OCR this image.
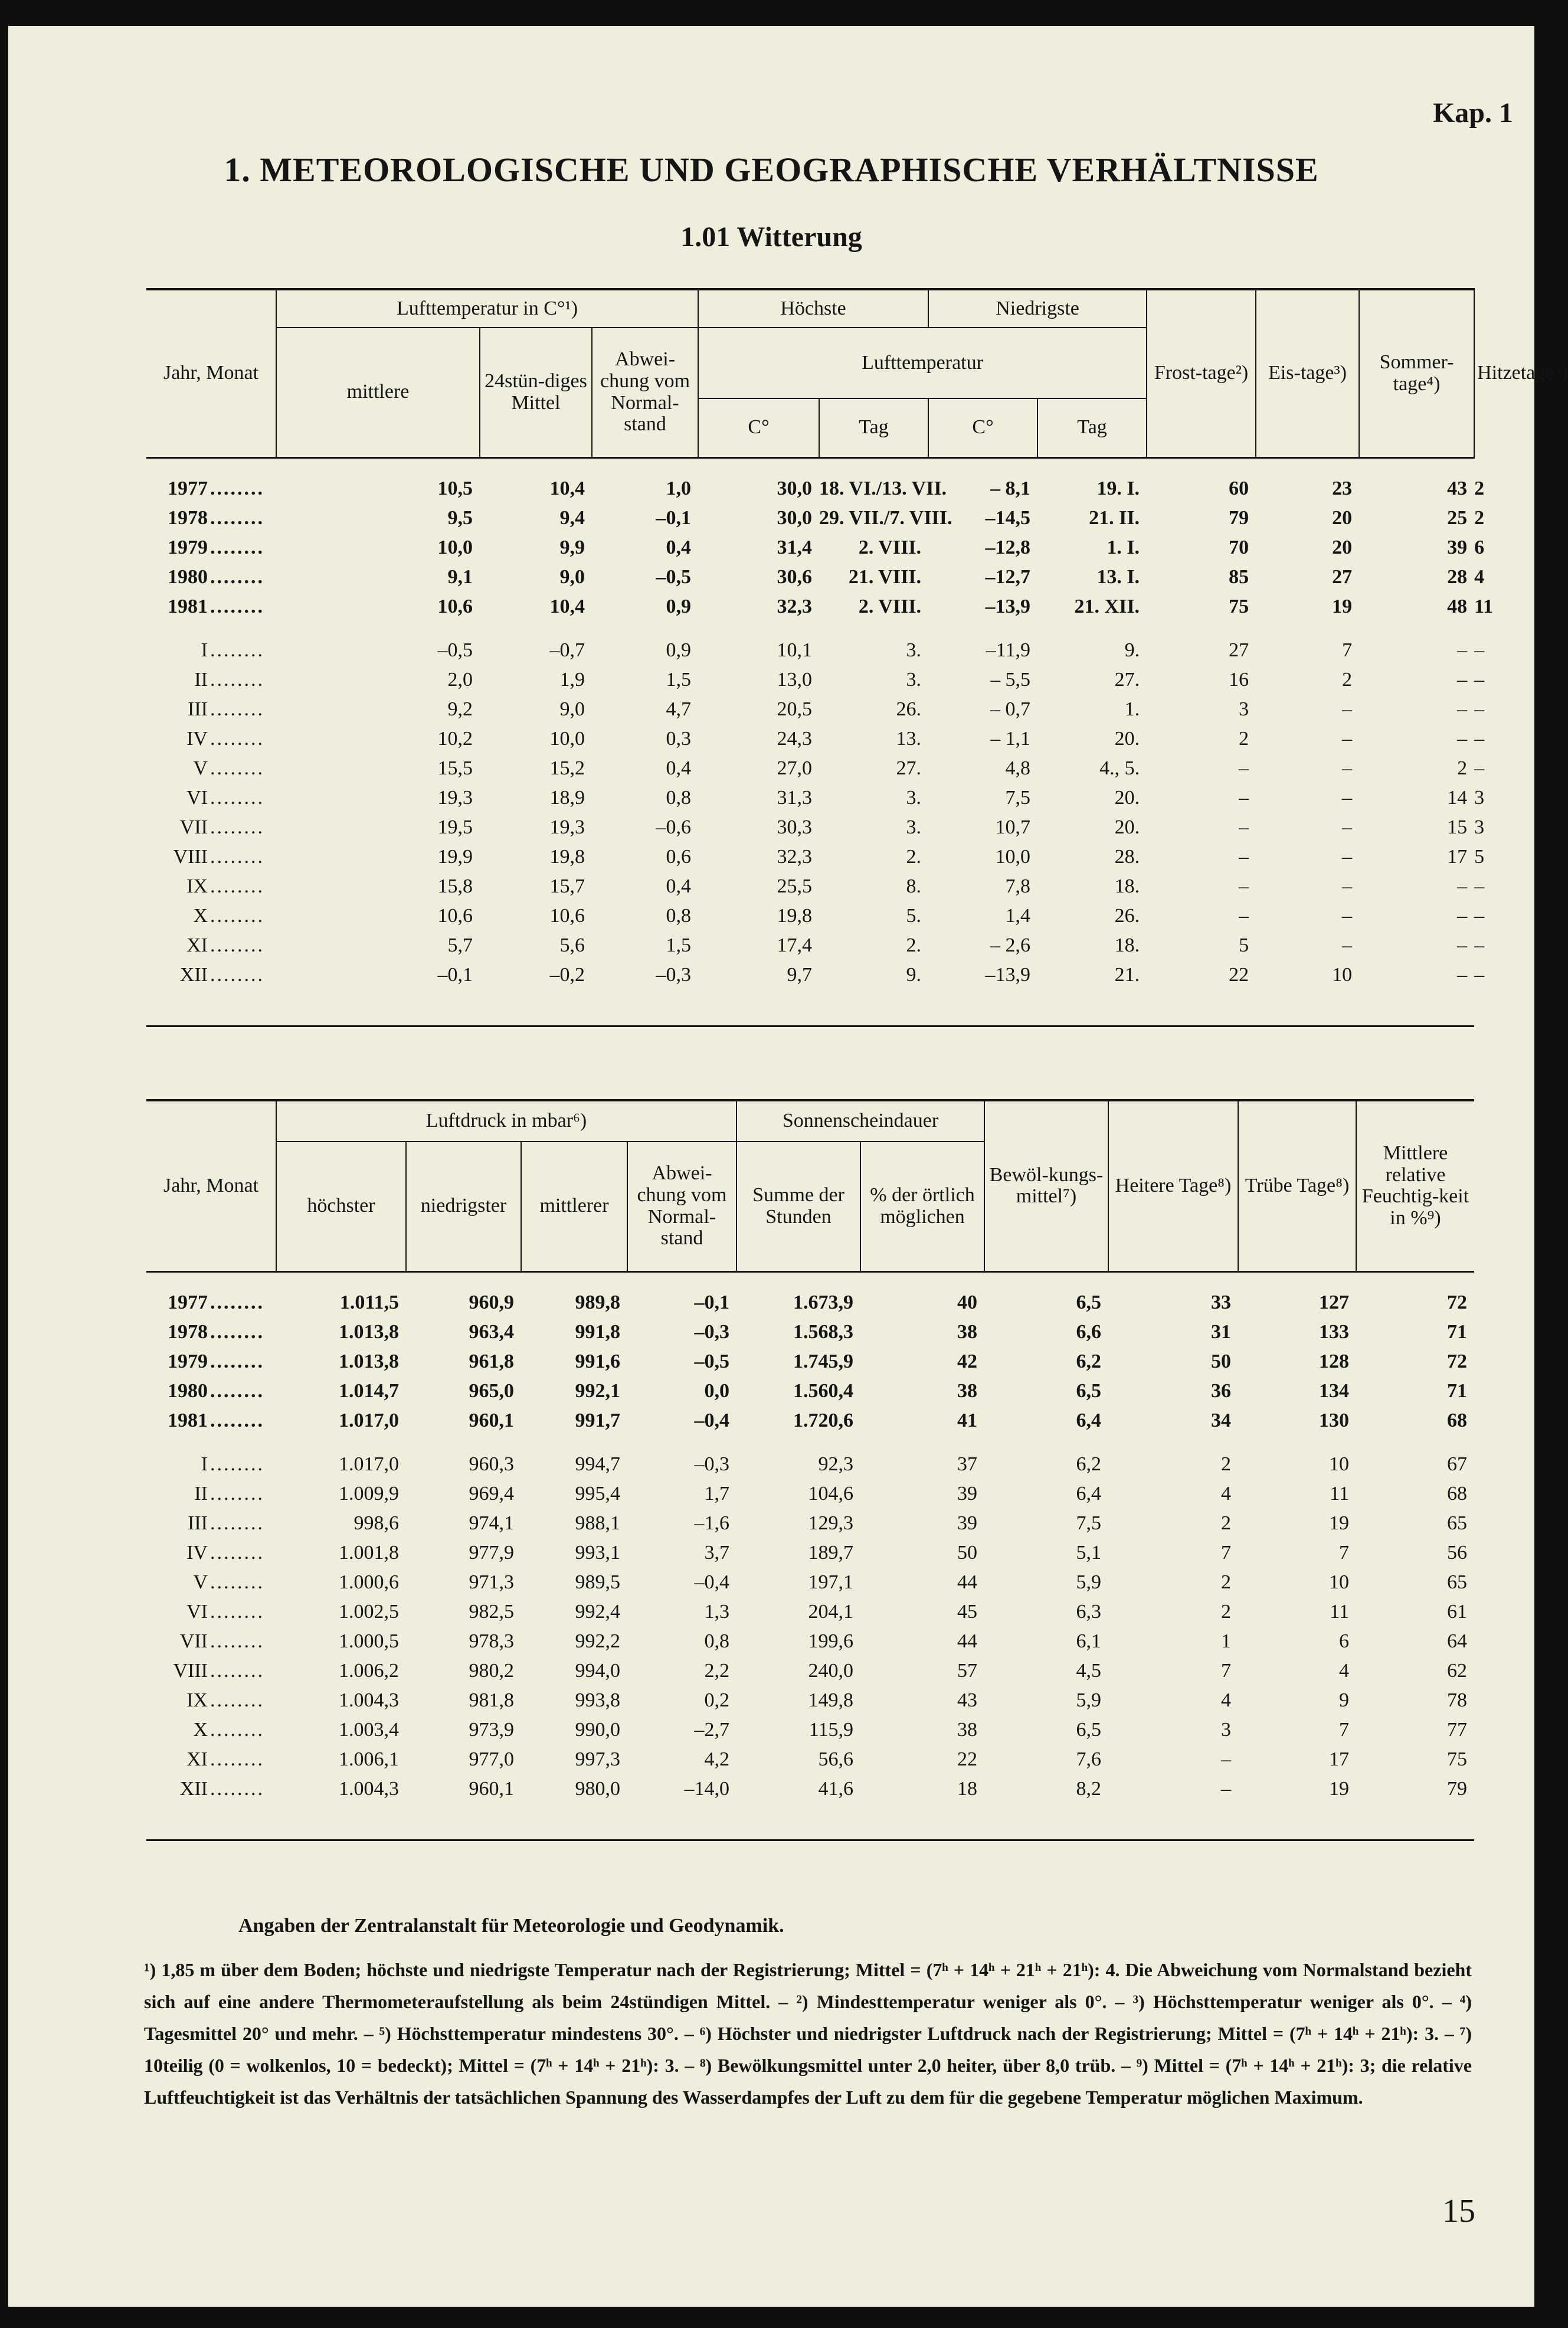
Kap. 1
1. METEOROLOGISCHE UND GEOGRAPHISCHE VERHÄLTNISSE
1.01 Witterung
Jahr, Monat	Lufttemperatur in C°¹)			Höchste		Niedrigste		Frost-tage²)	Eis-tage³)	Sommer-tage⁴)	Hitzetage⁵)
	mittlere	24stün-diges Mittel	Abwei-chung vom Normal-stand	Lufttemperatur							
				C°	Tag	C°	Tag				
1977 ........	10,5	10,4	1,0	30,0	18. VI./13. VII.	– 8,1	19. I.	60	23	43	2
1978 ........	9,5	9,4	–0,1	30,0	29. VII./7. VIII.	–14,5	21. II.	79	20	25	2
1979 ........	10,0	9,9	0,4	31,4	2. VIII.	–12,8	1. I.	70	20	39	6
1980 ........	9,1	9,0	–0,5	30,6	21. VIII.	–12,7	13. I.	85	27	28	4
1981 ........	10,6	10,4	0,9	32,3	2. VIII.	–13,9	21. XII.	75	19	48	11
I ........	–0,5	–0,7	0,9	10,1	3.	–11,9	9.	27	7	–	–
II ........	2,0	1,9	1,5	13,0	3.	– 5,5	27.	16	2	–	–
III ........	9,2	9,0	4,7	20,5	26.	– 0,7	1.	3	–	–	–
IV ........	10,2	10,0	0,3	24,3	13.	– 1,1	20.	2	–	–	–
V ........	15,5	15,2	0,4	27,0	27.	4,8	4., 5.	–	–	2	–
VI ........	19,3	18,9	0,8	31,3	3.	7,5	20.	–	–	14	3
VII ........	19,5	19,3	–0,6	30,3	3.	10,7	20.	–	–	15	3
VIII ........	19,9	19,8	0,6	32,3	2.	10,0	28.	–	–	17	5
IX ........	15,8	15,7	0,4	25,5	8.	7,8	18.	–	–	–	–
X ........	10,6	10,6	0,8	19,8	5.	1,4	26.	–	–	–	–
XI ........	5,7	5,6	1,5	17,4	2.	– 2,6	18.	5	–	–	–
XII ........	–0,1	–0,2	–0,3	9,7	9.	–13,9	21.	22	10	–	–
Jahr, Monat	Luftdruck in mbar⁶)				Sonnenscheindauer		Bewöl-kungs-mittel⁷)	Heitere Tage⁸)	Trübe Tage⁸)	Mittlere relative Feuchtig-keit in %⁹)
	höchster	niedrigster	mittlerer	Abwei-chung vom Normal-stand	Summe der Stunden	% der örtlich möglichen				
1977 ........	1.011,5	960,9	989,8	–0,1	1.673,9	40	6,5	33	127	72
1978 ........	1.013,8	963,4	991,8	–0,3	1.568,3	38	6,6	31	133	71
1979 ........	1.013,8	961,8	991,6	–0,5	1.745,9	42	6,2	50	128	72
1980 ........	1.014,7	965,0	992,1	0,0	1.560,4	38	6,5	36	134	71
1981 ........	1.017,0	960,1	991,7	–0,4	1.720,6	41	6,4	34	130	68
I ........	1.017,0	960,3	994,7	–0,3	92,3	37	6,2	2	10	67
II ........	1.009,9	969,4	995,4	1,7	104,6	39	6,4	4	11	68
III ........	998,6	974,1	988,1	–1,6	129,3	39	7,5	2	19	65
IV ........	1.001,8	977,9	993,1	3,7	189,7	50	5,1	7	7	56
V ........	1.000,6	971,3	989,5	–0,4	197,1	44	5,9	2	10	65
VI ........	1.002,5	982,5	992,4	1,3	204,1	45	6,3	2	11	61
VII ........	1.000,5	978,3	992,2	0,8	199,6	44	6,1	1	6	64
VIII ........	1.006,2	980,2	994,0	2,2	240,0	57	4,5	7	4	62
IX ........	1.004,3	981,8	993,8	0,2	149,8	43	5,9	4	9	78
X ........	1.003,4	973,9	990,0	–2,7	115,9	38	6,5	3	7	77
XI ........	1.006,1	977,0	997,3	4,2	56,6	22	7,6	–	17	75
XII ........	1.004,3	960,1	980,0	–14,0	41,6	18	8,2	–	19	79
Angaben der Zentralanstalt für Meteorologie und Geodynamik.
¹) 1,85 m über dem Boden; höchste und niedrigste Temperatur nach der Registrierung; Mittel = (7ʰ + 14ʰ + 21ʰ + 21ʰ): 4. Die Abweichung vom Normalstand bezieht sich auf eine andere Thermometeraufstellung als beim 24stündigen Mittel. – ²) Mindesttemperatur weniger als 0°. – ³) Höchsttemperatur weniger als 0°. – ⁴) Tagesmittel 20° und mehr. – ⁵) Höchsttemperatur mindestens 30°. – ⁶) Höchster und niedrigster Luftdruck nach der Registrierung; Mittel = (7ʰ + 14ʰ + 21ʰ): 3. – ⁷) 10teilig (0 = wolkenlos, 10 = bedeckt); Mittel = (7ʰ + 14ʰ + 21ʰ): 3. – ⁸) Bewölkungsmittel unter 2,0 heiter, über 8,0 trüb. – ⁹) Mittel = (7ʰ + 14ʰ + 21ʰ): 3; die relative Luftfeuchtigkeit ist das Verhältnis der tatsächlichen Spannung des Wasserdampfes der Luft zu dem für die gegebene Temperatur möglichen Maximum.
15
